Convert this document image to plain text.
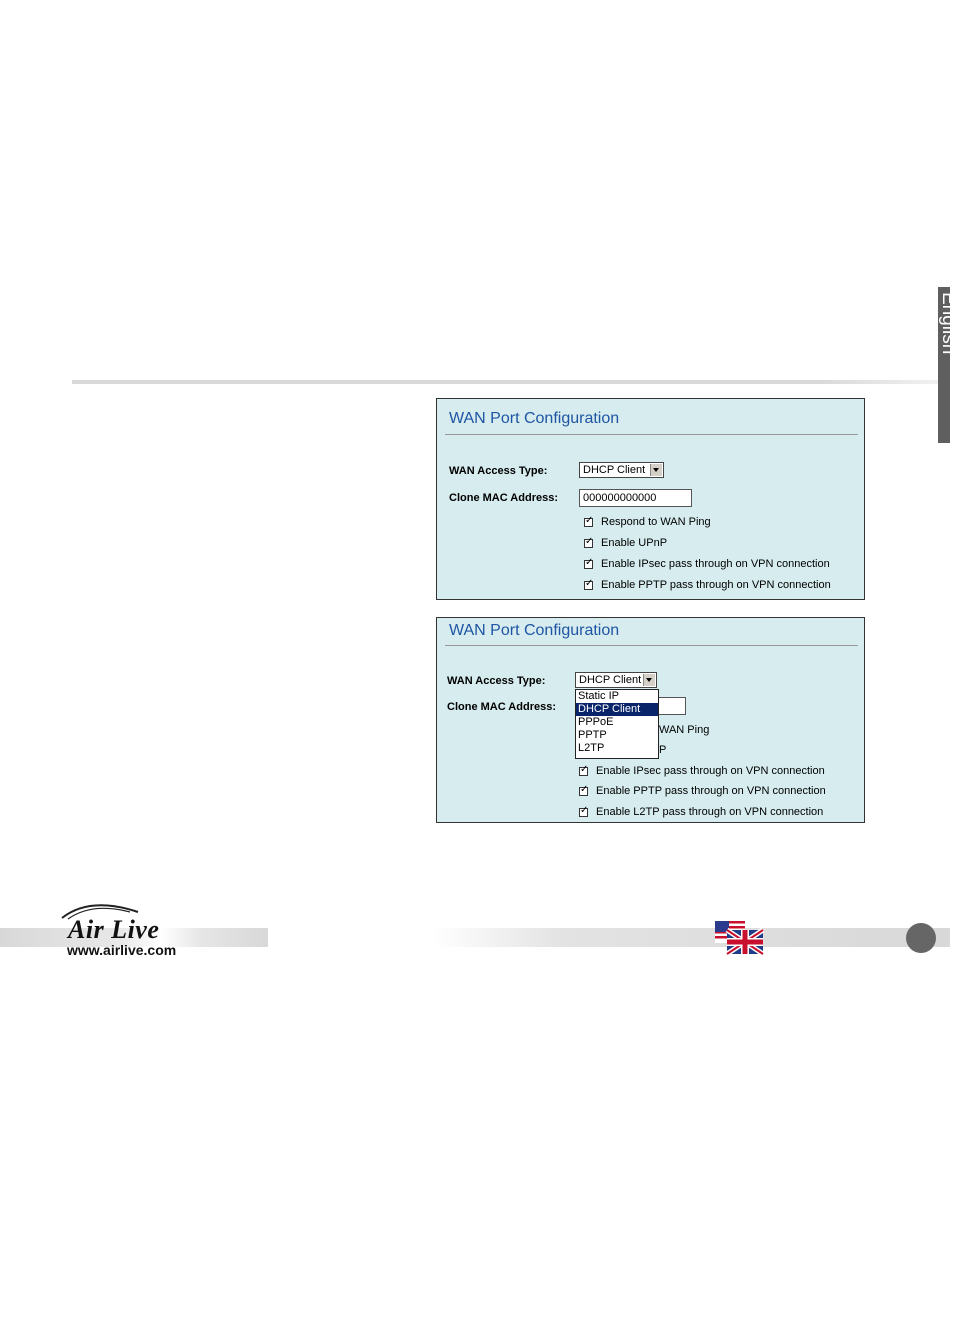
English
WAN Port Configuration
WAN Access Type:	DHCP Client
Clone MAC Address:	000000000000
✓Respond to WAN Ping
✓Enable UPnP
✓Enable IPsec pass through on VPN connection
✓Enable PPTP pass through on VPN connection
WAN Port Configuration
WAN Access Type:	DHCP Client
Clone MAC Address:
WAN Ping
P
✓Enable IPsec pass through on VPN connection
✓Enable PPTP pass through on VPN connection
✓Enable L2TP pass through on VPN connection
Static IP
DHCP Client
PPPoE
PPTP
L2TP
Air Live
www.airlive.com
